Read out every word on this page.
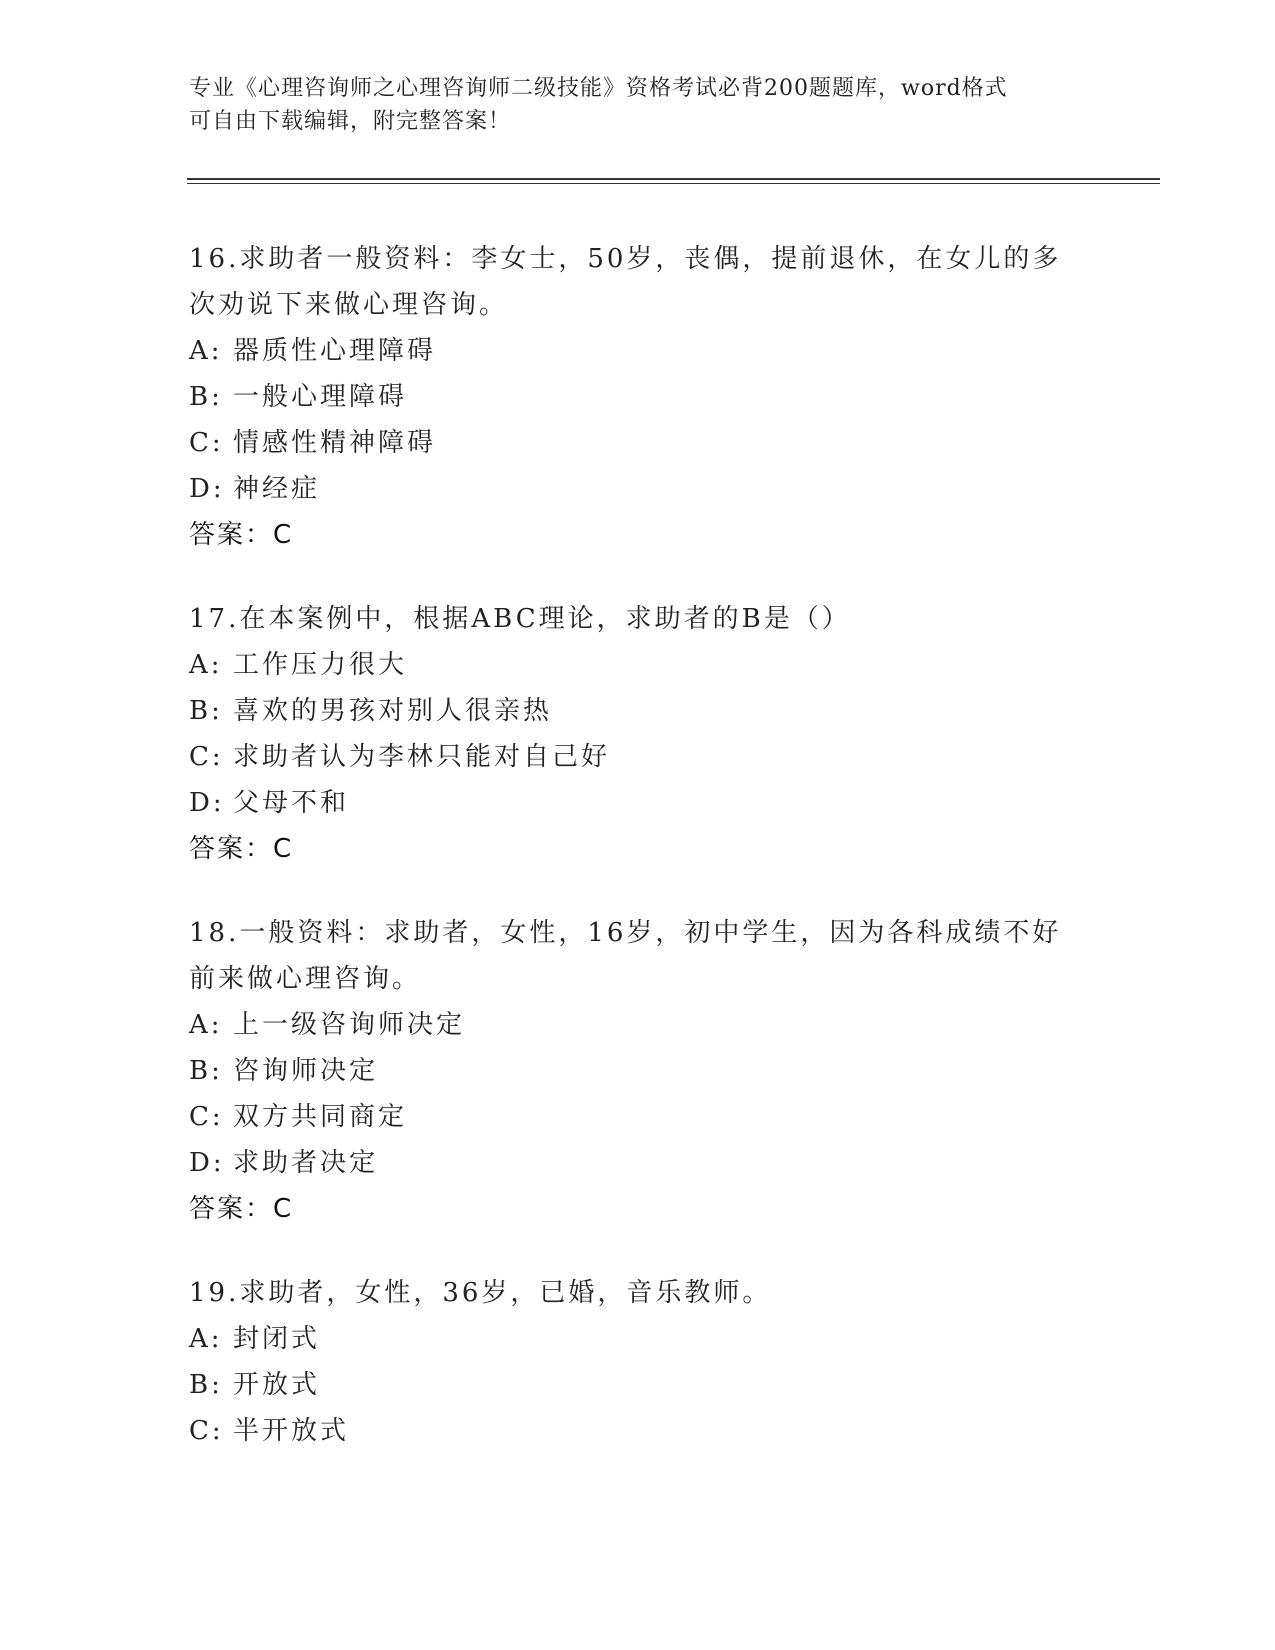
专业《心理咨询师之心理咨询师二级技能》资格考试必背200题题库，word格式
可自由下载编辑，附完整答案！
16.求助者一般资料：李女士，50岁，丧偶，提前退休，在女儿的多次劝说下来做心理咨询。
A: 器质性心理障碍
B: 一般心理障碍
C: 情感性精神障碍
D: 神经症
答案：C
17.在本案例中，根据ABC理论，求助者的B是（）
A: 工作压力很大
B: 喜欢的男孩对别人很亲热
C: 求助者认为李林只能对自己好
D: 父母不和
答案：C
18.一般资料：求助者，女性，16岁，初中学生，因为各科成绩不好前来做心理咨询。
A: 上一级咨询师决定
B: 咨询师决定
C: 双方共同商定
D: 求助者决定
答案：C
19.求助者，女性，36岁，已婚，音乐教师。
A: 封闭式
B: 开放式
C: 半开放式
